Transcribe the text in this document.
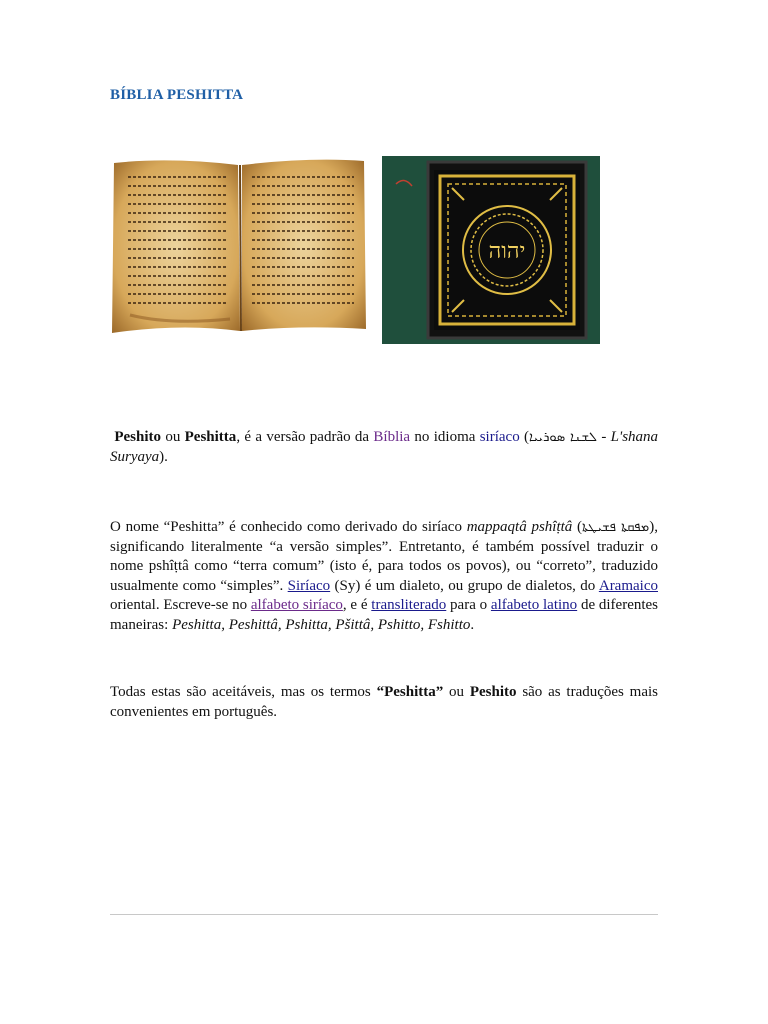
BÍBLIA PESHITTA
יהוה
Peshito ou Peshitta, é a versão padrão da Bíblia no idioma siríaco (ܠܫܢܐ ܣܘܪܝܝܐ - L'shana Suryaya).
O nome “Peshitta” é conhecido como derivado do siríaco mappaqtâ pshîṭtâ (ܡܦܩܬܐ ܦܫܝܛܬܐ), significando literalmente “a versão simples”. Entretanto, é também possível traduzir o nome pshîṭtâ como “terra comum” (isto é, para todos os povos), ou “correto”, traduzido usualmente como “simples”. Siríaco (Sy) é um dialeto, ou grupo de dialetos, do Aramaico oriental. Escreve-se no alfabeto siríaco, e é transliterado para o alfabeto latino de diferentes maneiras: Peshitta, Peshittâ, Pshitta, Pšittâ, Pshitto, Fshitto.
Todas estas são aceitáveis, mas os termos “Peshitta” ou Peshito são as traduções mais convenientes em português.
